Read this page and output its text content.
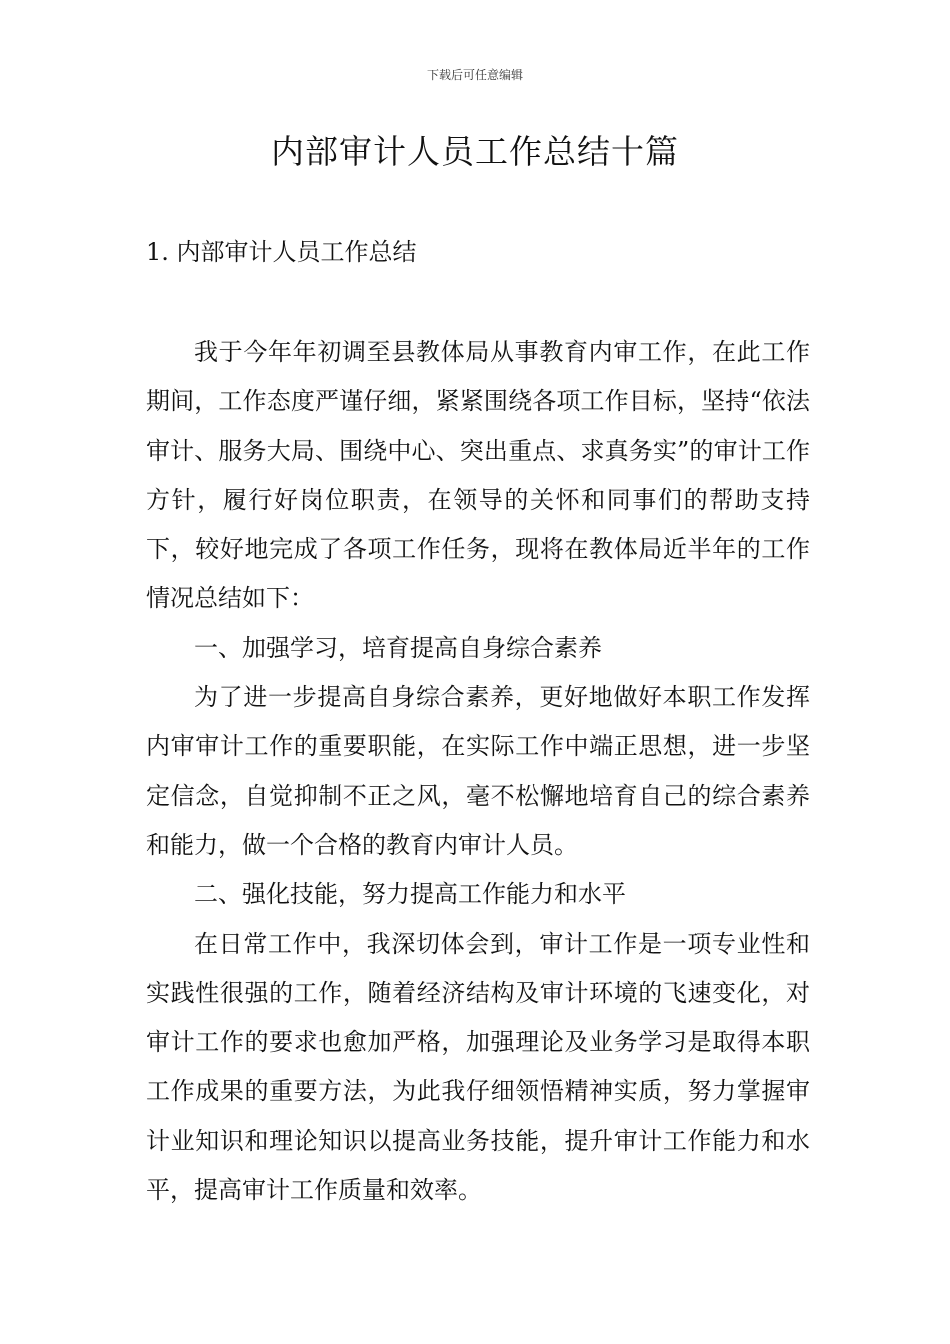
下载后可任意编辑
内部审计人员工作总结十篇
1. 内部审计人员工作总结

我于今年年初调至县教体局从事教育内审工作，在此工作期间，工作态度严谨仔细，紧紧围绕各项工作目标，坚持“依法审计、服务大局、围绕中心、突出重点、求真务实”的审计工作方针，履行好岗位职责，在领导的关怀和同事们的帮助支持下，较好地完成了各项工作任务，现将在教体局近半年的工作情况总结如下：

一、加强学习，培育提高自身综合素养

为了进一步提高自身综合素养，更好地做好本职工作发挥内审审计工作的重要职能，在实际工作中端正思想，进一步坚定信念，自觉抑制不正之风，毫不松懈地培育自己的综合素养和能力，做一个合格的教育内审计人员。

二、强化技能，努力提高工作能力和水平

在日常工作中，我深切体会到，审计工作是一项专业性和实践性很强的工作，随着经济结构及审计环境的飞速变化，对审计工作的要求也愈加严格，加强理论及业务学习是取得本职工作成果的重要方法，为此我仔细领悟精神实质，努力掌握审计业知识和理论知识以提高业务技能，提升审计工作能力和水平，提高审计工作质量和效率。
